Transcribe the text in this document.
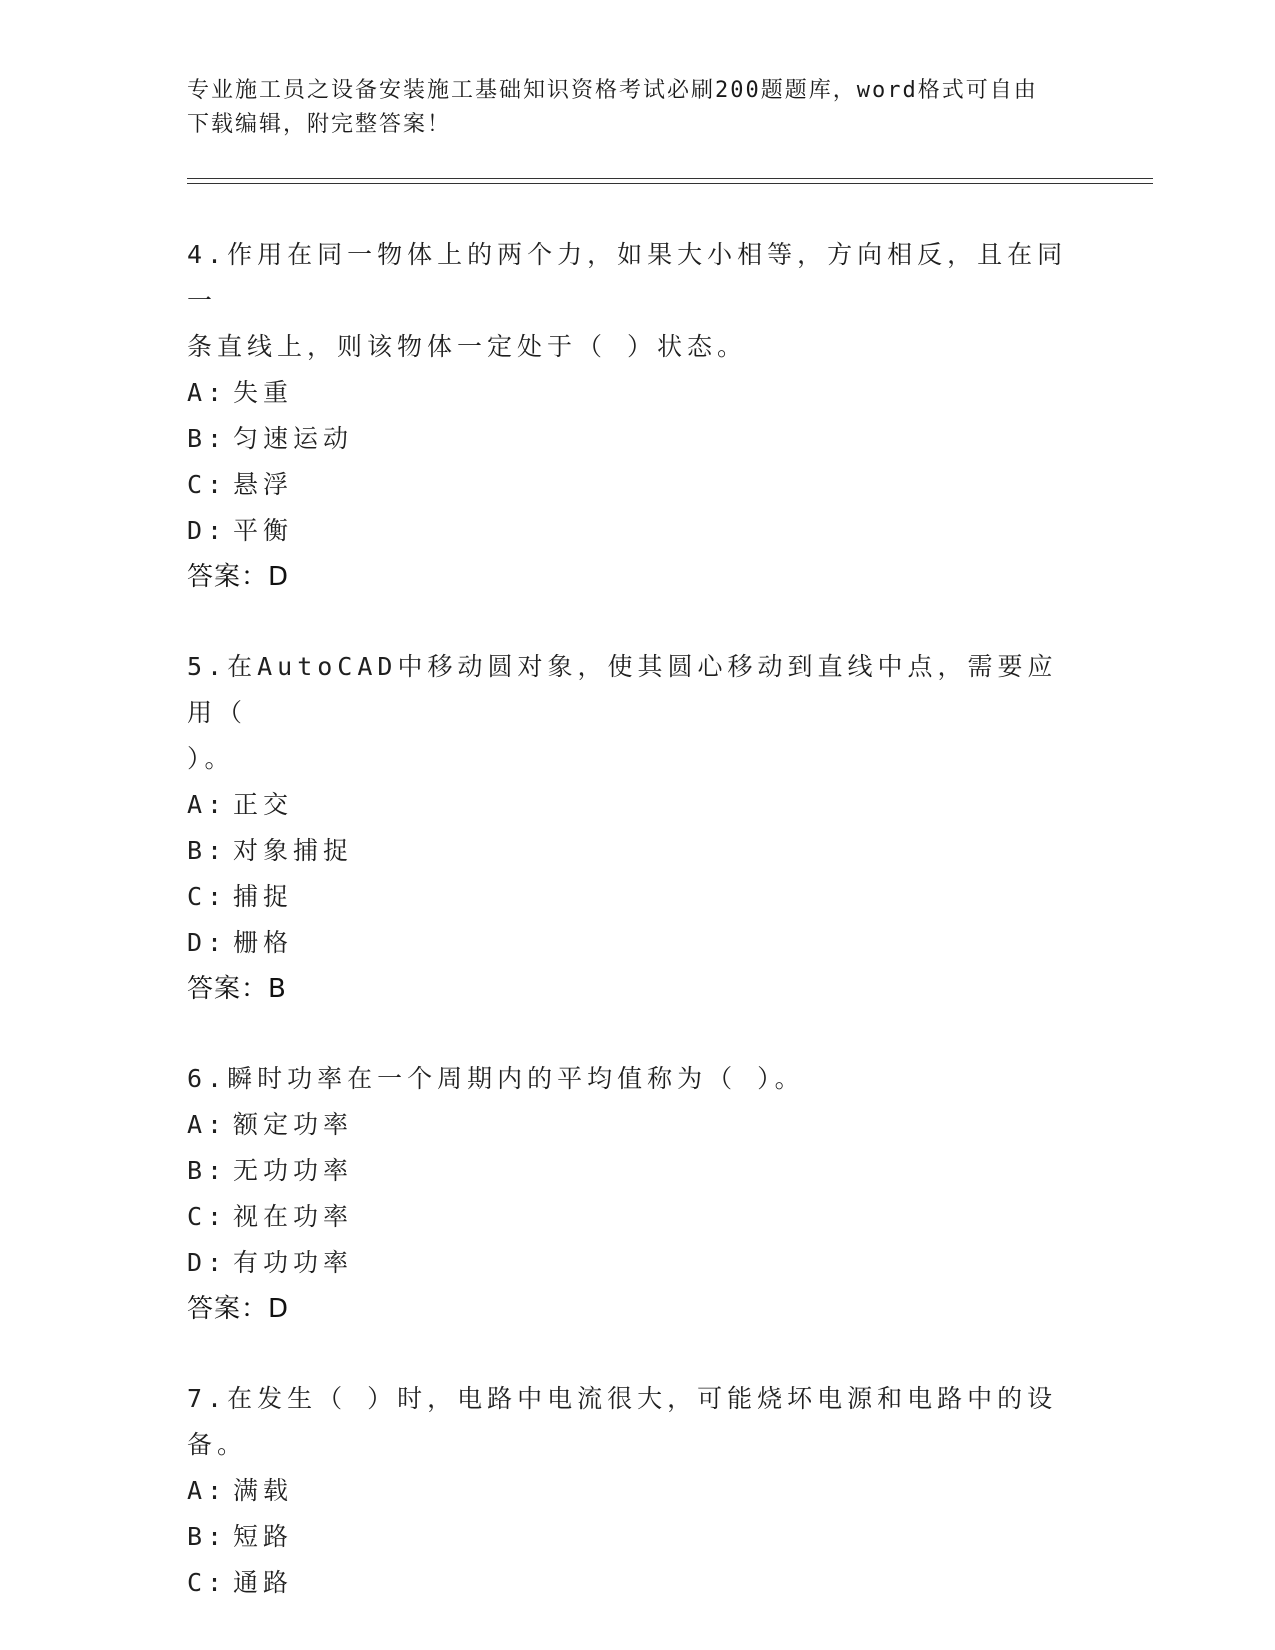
专业施工员之设备安装施工基础知识资格考试必刷200题题库，word格式可自由
下载编辑，附完整答案！
4.作用在同一物体上的两个力，如果大小相等，方向相反，且在同一
条直线上，则该物体一定处于（ ）状态。
A: 失重
B: 匀速运动
C: 悬浮
D: 平衡
答案：D
5.在AutoCAD中移动圆对象，使其圆心移动到直线中点，需要应用（
）。
A: 正交
B: 对象捕捉
C: 捕捉
D: 栅格
答案：B
6.瞬时功率在一个周期内的平均值称为（ ）。
A: 额定功率
B: 无功功率
C: 视在功率
D: 有功功率
答案：D
7.在发生（ ）时，电路中电流很大，可能烧坏电源和电路中的设备。
A: 满载
B: 短路
C: 通路
